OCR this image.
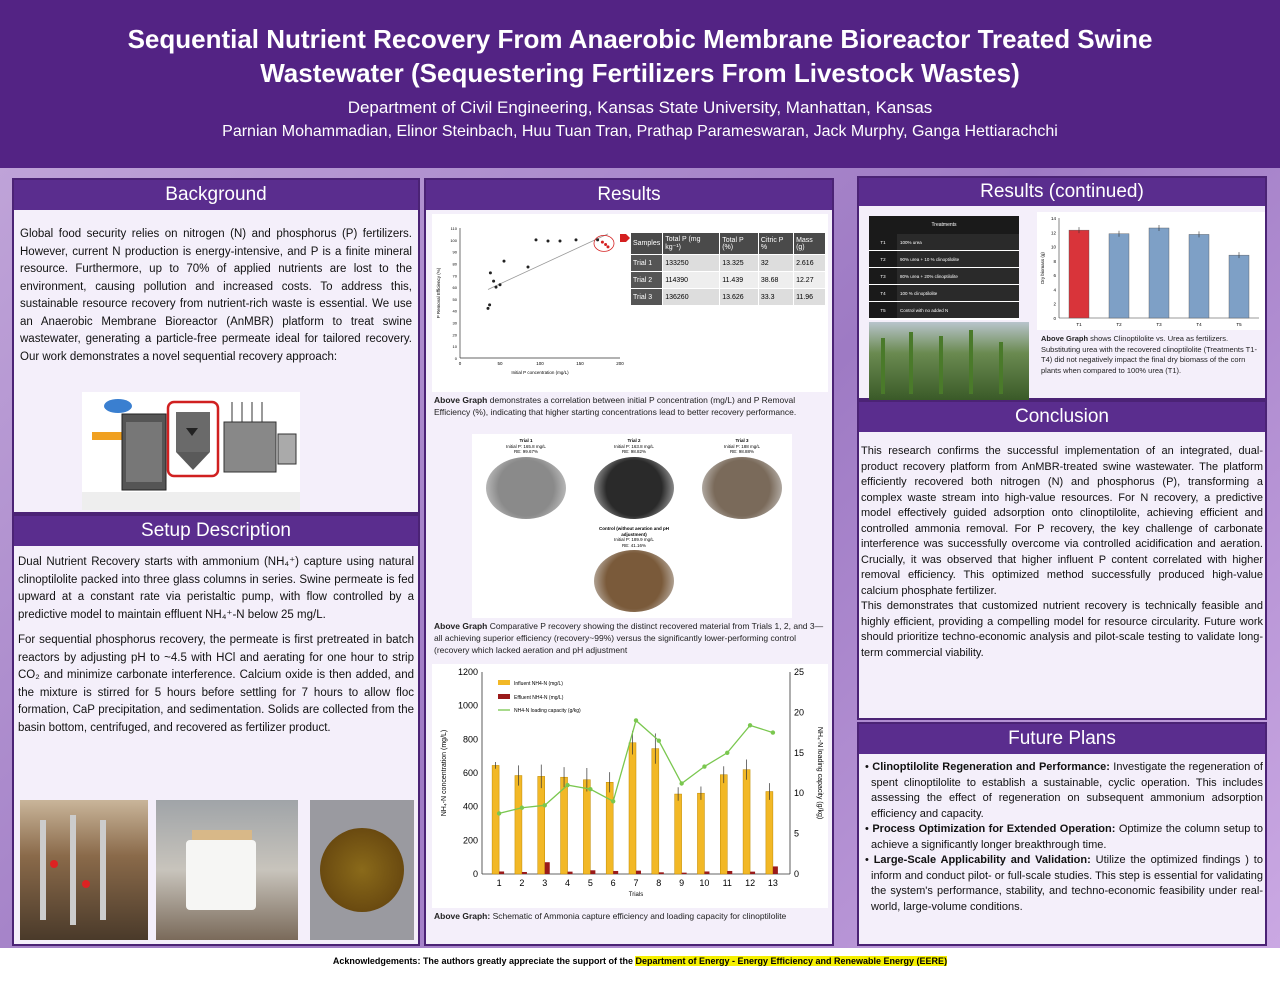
Sequential Nutrient Recovery From Anaerobic Membrane Bioreactor Treated Swine Wastewater (Sequestering Fertilizers From Livestock Wastes)
Department of Civil Engineering, Kansas State University, Manhattan, Kansas
Parnian Mohammadian, Elinor Steinbach, Huu Tuan Tran, Prathap Parameswaran, Jack Murphy, Ganga Hettiarachchi
Background
Global food security relies on nitrogen (N) and phosphorus (P) fertilizers. However, current N production is energy-intensive, and P is a finite mineral resource. Furthermore, up to 70% of applied nutrients are lost to the environment, causing pollution and increased costs. To address this, sustainable resource recovery from nutrient-rich waste is essential. We use an Anaerobic Membrane Bioreactor (AnMBR) platform to treat swine wastewater, generating a particle-free permeate ideal for tailored recovery. Our work demonstrates a novel sequential recovery approach:
Setup Description
Dual Nutrient Recovery starts with ammonium (NH₄⁺) capture using natural clinoptilolite packed into three glass columns in series. Swine permeate is fed upward at a constant rate via peristaltic pump, with flow controlled by a predictive model to maintain effluent NH₄⁺-N below 25 mg/L.
For sequential phosphorus recovery, the permeate is first pretreated in batch reactors by adjusting pH to ~4.5 with HCl and aerating for one hour to strip CO₂ and minimize carbonate interference. Calcium oxide is then added, and the mixture is stirred for 5 hours before settling for 7 hours to allow floc formation, CaP precipitation, and sedimentation. Solids are collected from the basin bottom, centrifuged, and recovered as fertilizer product.
Results
0
10
20
30
40
50
60
70
80
90
100
110
0	50	100	150	200
Initial P concentration (mg/L)
P Removal Efficiency (%)
Samples	Total P (mg kg⁻¹)	Total P (%)	Citric P %	Mass (g)
Trial 1	133250	13.325	32	2.616
Trial 2	114390	11.439	38.68	12.27
Trial 3	136260	13.626	33.3	11.96
Above Graph demonstrates a correlation between initial P concentration (mg/L) and P Removal Efficiency (%), indicating that higher starting concentrations lead to better recovery performance.
Trial 1
Initial P: 165.8 mg/L
RE: 99.67%
Trial 2
Initial P: 163.8 mg/L
RE: 98.82%
Trial 3
Initial P: 188 mg/L
RE: 98.88%
Control (without aeration and pH adjustment)
Initial P: 189.9 mg/L
RE: 41.16%
Above Graph Comparative P recovery showing the distinct recovered material from Trials 1, 2, and 3—all achieving superior efficiency (recovery~99%) versus the significantly lower-performing control (recovery which lacked aeration and pH adjustment
0
200
400
600
800
1000
1200
0
5
10
15
20
25
1 2 3 4 5 6 7 8 9 10 11 12 13
Trials
NH₄-N concentration (mg/L)	NH₄-N loading capacity (g/kg)
Influent NH4-N (mg/L)
Effluent NH4-N (mg/L)
NH4-N loading capacity (g/kg)
Above Graph: Schematic of Ammonia capture efficiency and loading capacity for clinoptilolite
Results (continued)
Treatments
T1	100% urea
T2	90% urea + 10 % clinoptilolite
T3	80% urea + 20% clinoptilolite
T4	100 % clinoptilolite
T5	Control with no added N
0
2
4
6
8
10
12
14
Dry biomass (g)
T1	T2	T3	T4	T5
Above Graph shows Clinoptilolite vs. Urea as fertilizers. Substituting urea with the recovered clinoptilolite (Treatments T1-T4) did not negatively impact the final dry biomass of the corn plants when compared to 100% urea (T1).
Conclusion
This research confirms the successful implementation of an integrated, dual-product recovery platform from AnMBR-treated swine wastewater. The platform efficiently recovered both nitrogen (N) and phosphorus (P), transforming a complex waste stream into high-value resources. For N recovery, a predictive model effectively guided adsorption onto clinoptilolite, achieving efficient and controlled ammonia removal. For P recovery, the key challenge of carbonate interference was successfully overcome via controlled acidification and aeration. Crucially, it was observed that higher influent P content correlated with higher removal efficiency. This optimized method successfully produced high-value calcium phosphate fertilizer.
This demonstrates that customized nutrient recovery is technically feasible and highly efficient, providing a compelling model for resource circularity. Future work should prioritize techno-economic analysis and pilot-scale testing to validate long-term commercial viability.
Future Plans
• Clinoptilolite Regeneration and Performance: Investigate the regeneration of spent clinoptilolite to establish a sustainable, cyclic operation. This includes assessing the effect of regeneration on subsequent ammonium adsorption efficiency and capacity.
• Process Optimization for Extended Operation: Optimize the column setup to achieve a significantly longer breakthrough time.
• Large-Scale Applicability and Validation: Utilize the optimized findings ) to inform and conduct pilot- or full-scale studies. This step is essential for validating the system's performance, stability, and techno-economic feasibility under real-world, large-volume conditions.
Acknowledgements: The authors greatly appreciate the support of the Department of Energy - Energy Efficiency and Renewable Energy (EERE)
